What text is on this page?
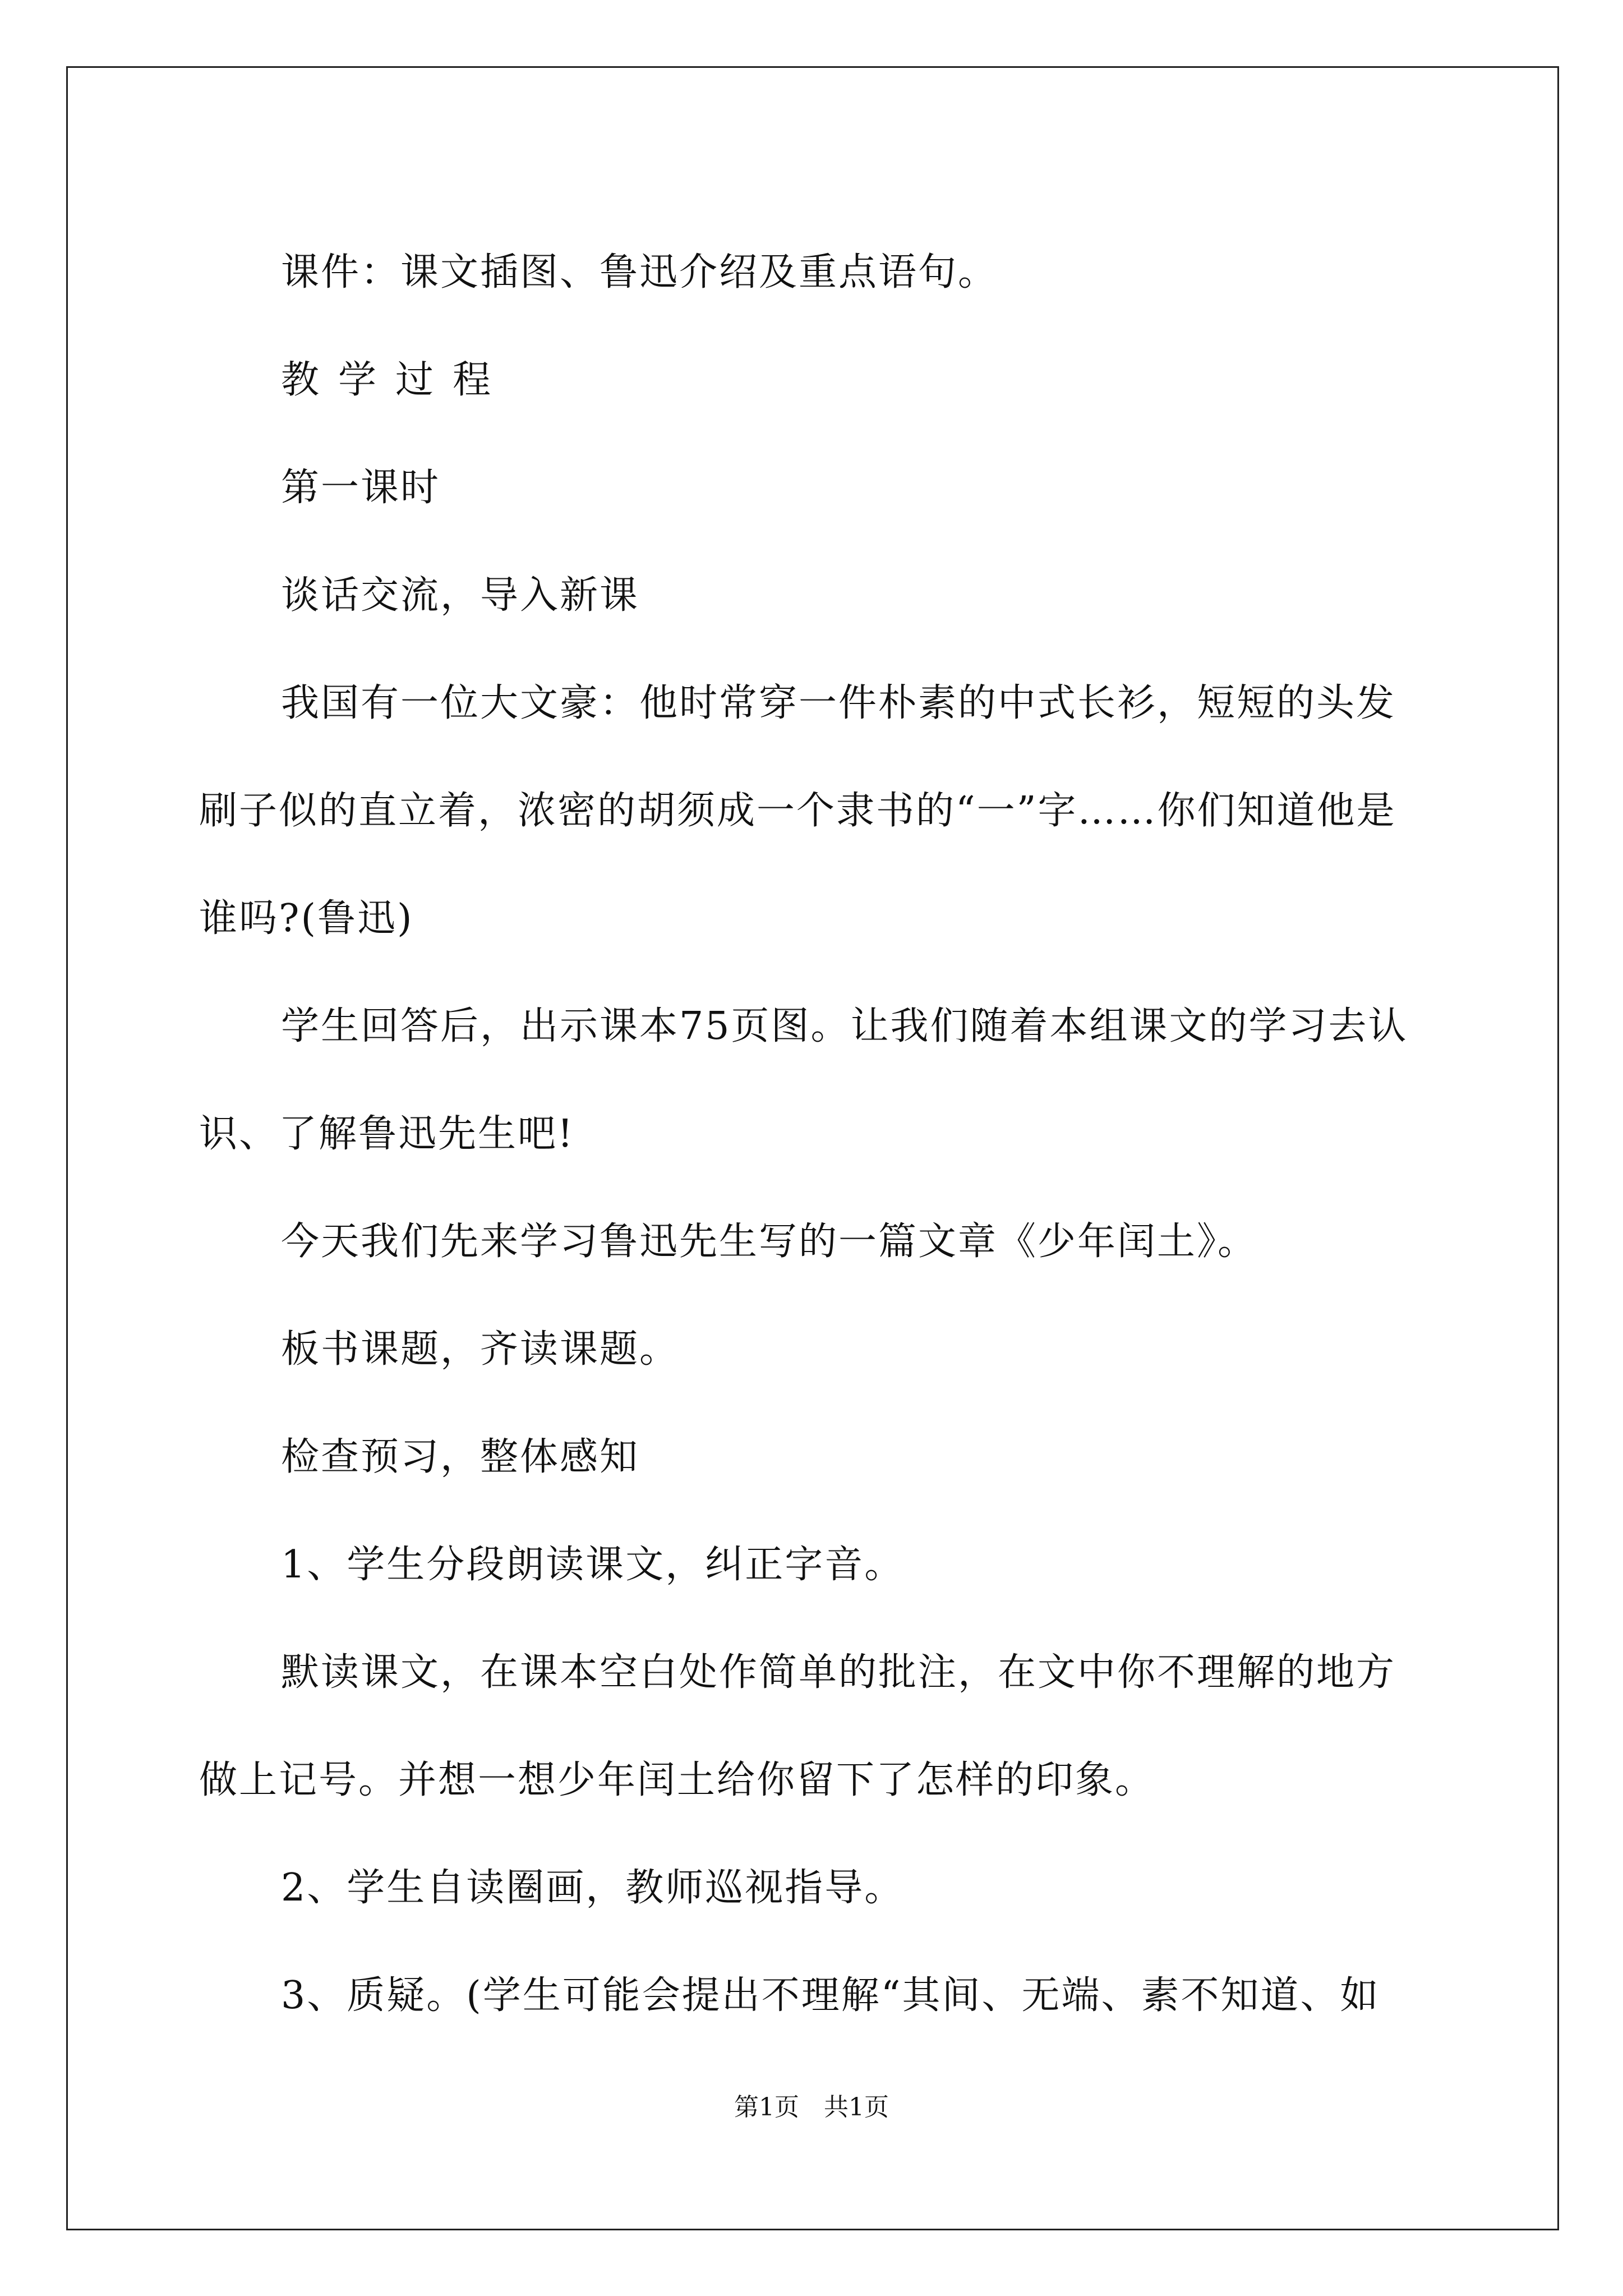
课件：课文插图、鲁迅介绍及重点语句。

教学过程

第一课时

谈话交流，导入新课

我国有一位大文豪：他时常穿一件朴素的中式长衫，短短的头发刷子似的直立着，浓密的胡须成一个隶书的“一”字……你们知道他是谁吗?(鲁迅)

学生回答后，出示课本75页图。让我们随着本组课文的学习去认识、了解鲁迅先生吧!

今天我们先来学习鲁迅先生写的一篇文章《少年闰土》。

板书课题，齐读课题。

检查预习，整体感知

1、学生分段朗读课文，纠正字音。

默读课文，在课本空白处作简单的批注，在文中你不理解的地方做上记号。并想一想少年闰土给你留下了怎样的印象。

2、学生自读圈画，教师巡视指导。

3、质疑。(学生可能会提出不理解“其间、无端、素不知道、如

第1页　共1页
